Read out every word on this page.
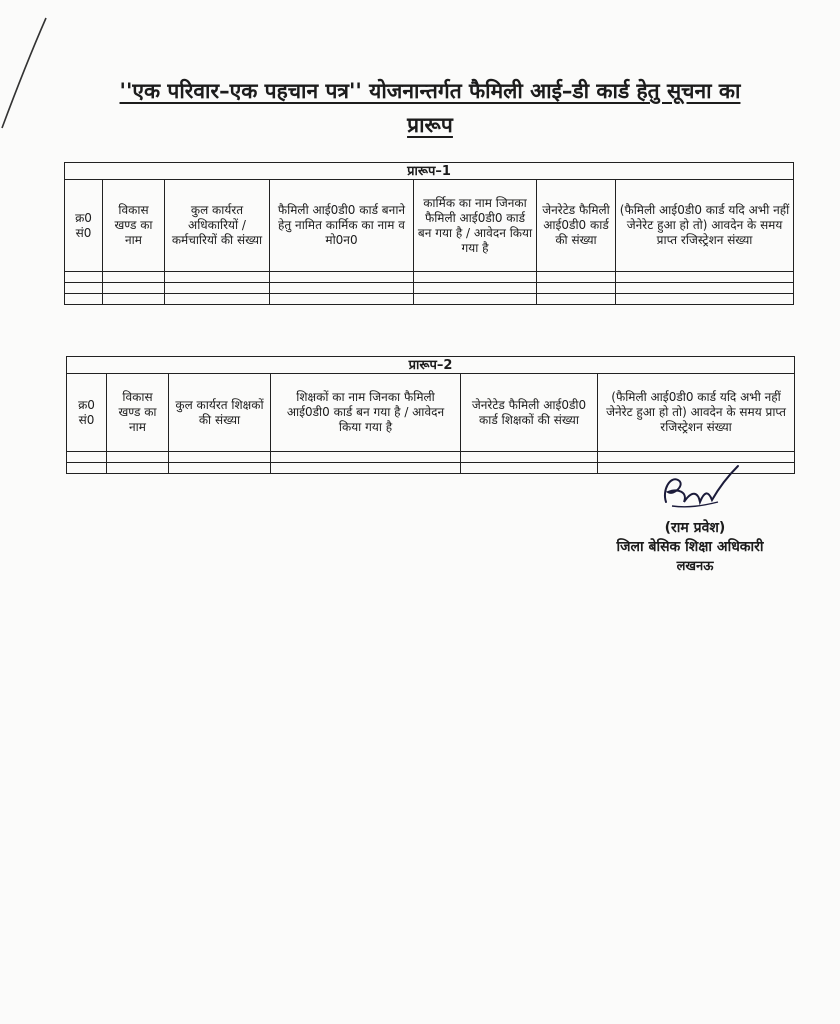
''एक परिवार–एक पहचान पत्र'' योजनान्तर्गत फैमिली आई–डी कार्ड हेतु सूचना का
प्रारूप
प्रारूप–1						
क्र0 सं0	विकास खण्ड का नाम	कुल कार्यरत अधिकारियों / कर्मचारियों की संख्या	फैमिली आई0डी0 कार्ड बनाने हेतु नामित कार्मिक का नाम व मो0न0	कार्मिक का नाम जिनका फैमिली आई0डी0 कार्ड बन गया है / आवेदन किया गया है	जेनरेटेड फैमिली आई0डी0 कार्ड की संख्या	(फैमिली आई0डी0 कार्ड यदि अभी नहीं जेनेरेट हुआ हो तो) आवदेन के समय प्राप्त रजिस्ट्रेशन संख्या

प्रारूप–2					
क्र0 सं0	विकास खण्ड का नाम	कुल कार्यरत शिक्षकों की संख्या	शिक्षकों का नाम जिनका फैमिली आई0डी0 कार्ड बन गया है / आवेदन किया गया है	जेनरेटेड फैमिली आई0डी0 कार्ड शिक्षकों की संख्या	(फैमिली आई0डी0 कार्ड यदि अभी नहीं जेनेरेट हुआ हो तो) आवदेन के समय प्राप्त रजिस्ट्रेशन संख्या

(राम प्रवेश)
जिला बेसिक शिक्षा अधिकारी
लखनऊ
